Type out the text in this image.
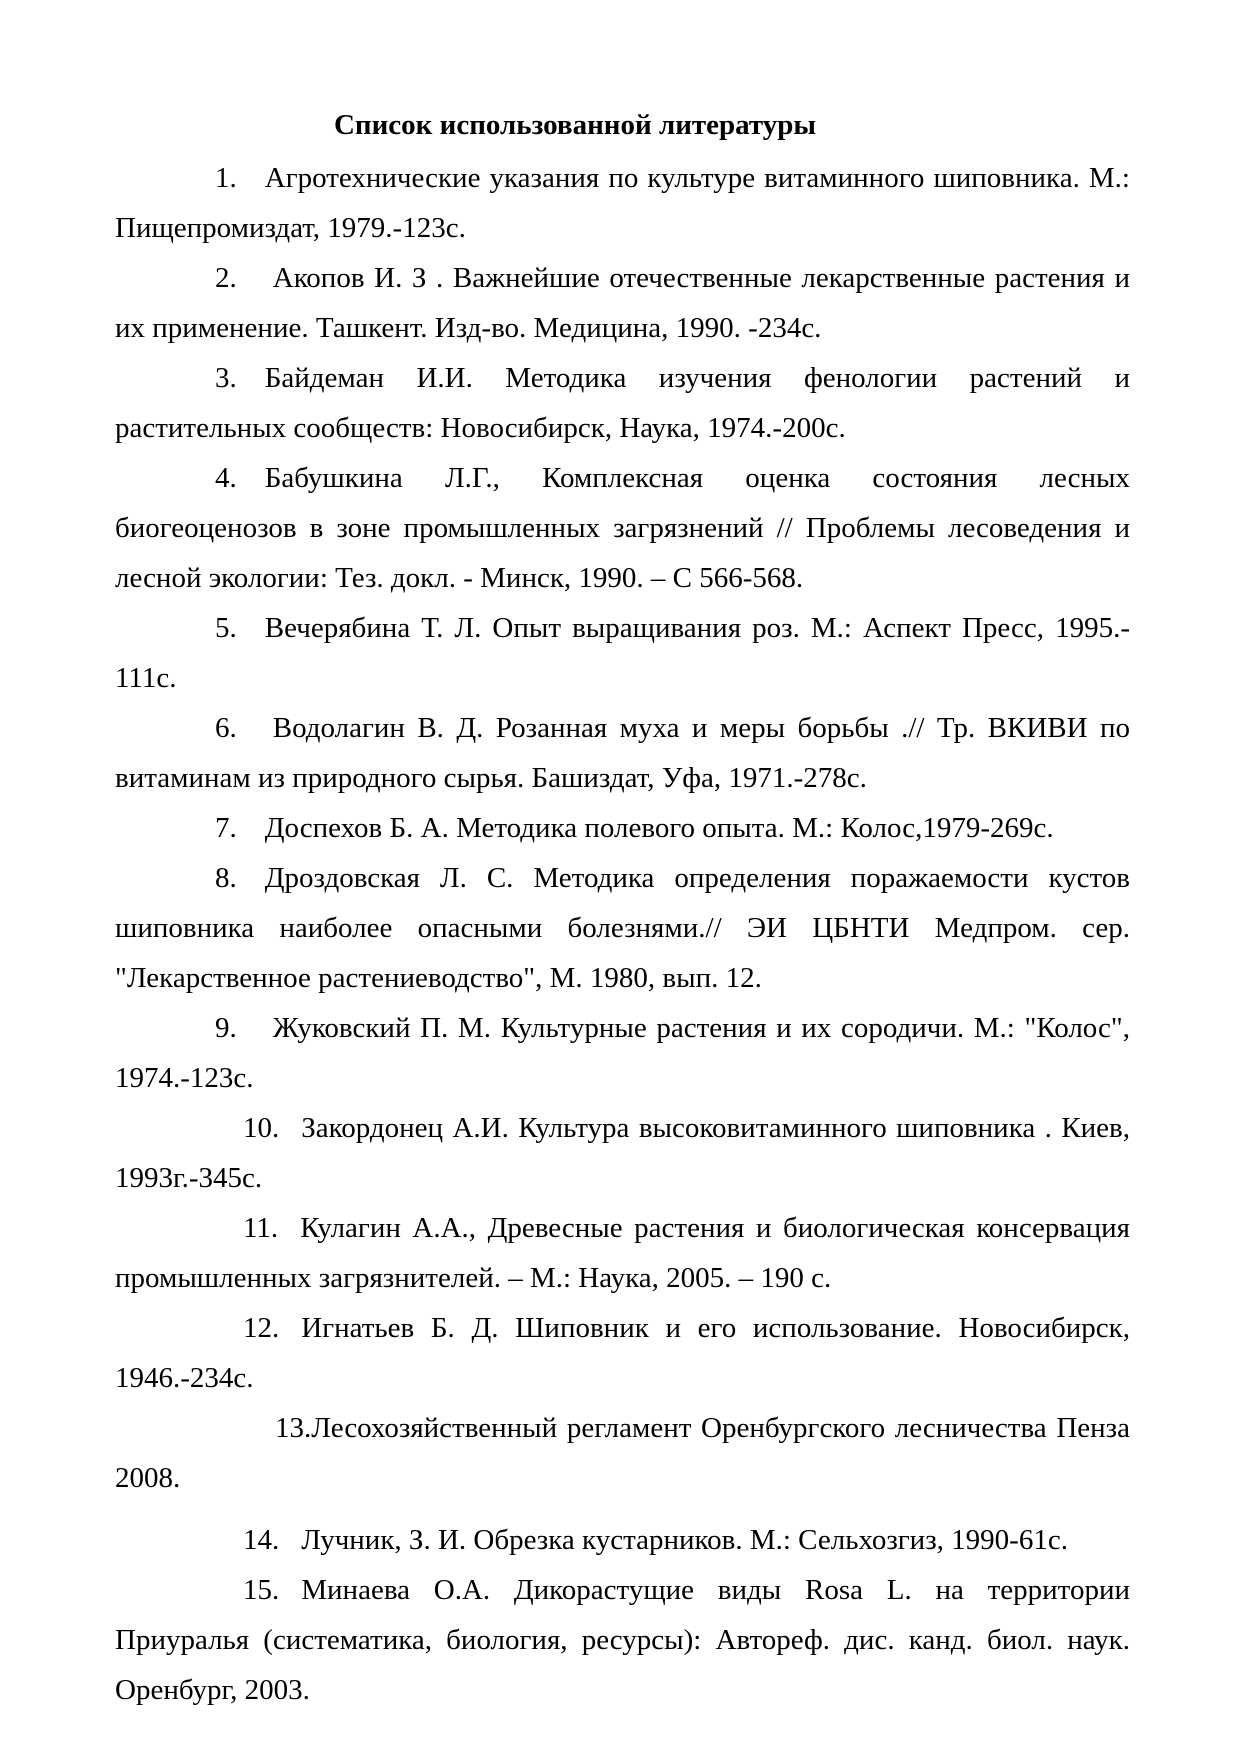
Список использованной литературы

1. Агротехнические указания по культуре витаминного шиповника. М.: Пищепромиздат, 1979.-123с.

2. Акопов И. З . Важнейшие отечественные лекарственные растения и их применение. Ташкент. Изд-во. Медицина, 1990. -234с.

3. Байдеман И.И. Методика изучения фенологии растений и растительных сообществ: Новосибирск, Наука, 1974.-200с.

4. Бабушкина Л.Г., Комплексная оценка состояния лесных биогеоценозов в зоне промышленных загрязнений // Проблемы лесоведения и лесной экологии: Тез. докл. - Минск, 1990. – С 566-568.

5. Вечерябина Т. Л. Опыт выращивания роз. М.: Аспект Пресс, 1995.- 111с.

6. Водолагин В. Д. Розанная муха и меры борьбы .// Тр. ВКИВИ по витаминам из природного сырья. Башиздат, Уфа, 1971.-278с.

7. Доспехов Б. А. Методика полевого опыта. М.: Колос,1979-269с.

8. Дроздовская Л. С. Методика определения поражаемости кустов шиповника наиболее опасными болезнями.// ЭИ ЦБНТИ Медпром. сер. "Лекарственное растениеводство", М. 1980, вып. 12.

9. Жуковский П. М. Культурные растения и их сородичи. М.: "Колос", 1974.-123с.

10. Закордонец А.И. Культура высоковитаминного шиповника . Киев, 1993г.-345с.

11. Кулагин А.А., Древесные растения и биологическая консервация промышленных загрязнителей. – М.: Наука, 2005. – 190 с.

12. Игнатьев Б. Д. Шиповник и его использование. Новосибирск, 1946.-234с.

13.Лесохозяйственный регламент Оренбургского лесничества Пенза 2008.

14. Лучник, З. И. Обрезка кустарников. М.: Сельхозгиз, 1990-61с.

15. Минаева О.А. Дикорастущие виды Rosa L. на территории Приуралья (систематика, биология, ресурсы): Автореф. дис. канд. биол. наук. Оренбург, 2003.
